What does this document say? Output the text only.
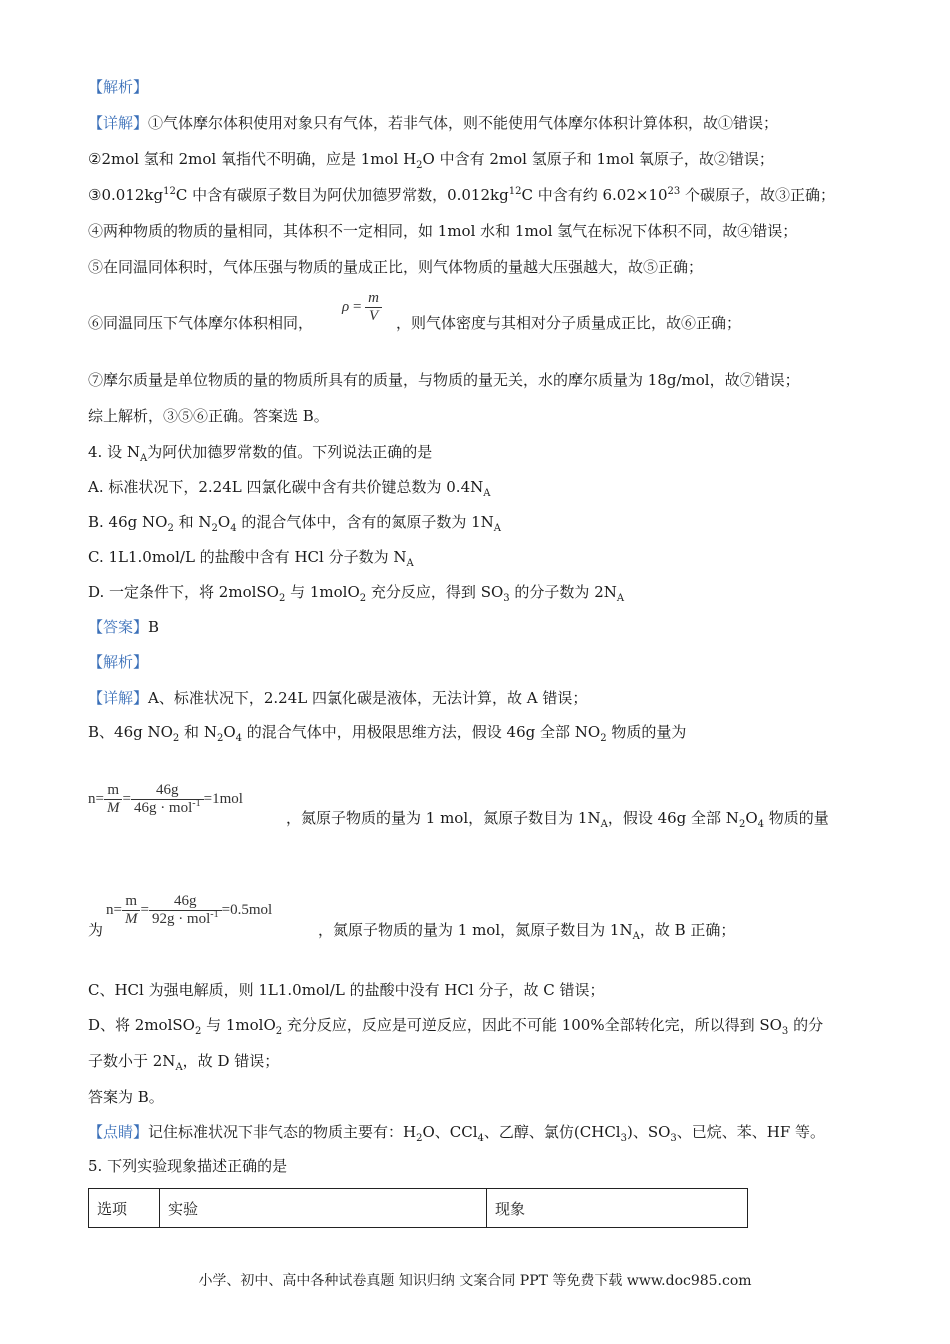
【解析】
【详解】①气体摩尔体积使用对象只有气体，若非气体，则不能使用气体摩尔体积计算体积，故①错误；
②2mol 氢和 2mol 氧指代不明确，应是 1mol $H_2O$ 中含有 2mol 氢原子和 1mol 氧原子，故②错误；
$③0.012kg^{12}C$ 中含有碳原子数目为阿伏加德罗常数，$0.012kg^{12}C$ 中含有约 $6.02\times 10^{23}$ 个碳原子，故③正确；
④两种物质的物质的量相同，其体积不一定相同，如 1mol 水和 1mol 氢气在标况下体积不同，故④错误；
⑤在同温同体积时，气体压强与物质的量成正比，则气体物质的量越大压强越大，故⑤正确；
⑥同温同压下气体摩尔体积相同，
$\rho = \frac{m}{V}$ ，则气体密度与其相对分子质量成正比，故⑥正确；
⑦摩尔质量是单位物质的量的物质所具有的质量，与物质的量无关，水的摩尔质量为 18g/mol，故⑦错误；
综上解析，③⑤⑥正确。答案选 B。
4. 设 $N_A$为阿伏加德罗常数的值。下列说法正确的是
A. 标准状况下，2.24L 四氯化碳中含有共价键总数为 $0.4N_A$
B. 46g $NO_2$ 和 $N_2O_4$ 的混合气体中，含有的氮原子数为 $1N_A$
C. 1L1.0mol/L 的盐酸中含有 HCl 分子数为 $N_A$
D. 一定条件下，将 2molSO$_2$ 与 1molO$_2$ 充分反应，得到 $SO_3$ 的分子数为 $2N_A$
【答案】B
【解析】
【详解】A、标准状况下，2.24L 四氯化碳是液体，无法计算，故 A 错误；
B、46g $NO_2$ 和 $N_2O_4$ 的混合气体中，用极限思维方法，假设 46g 全部 $NO_2$ 物质的量为
$n= \frac{m}{M} = \frac{46g}{46g \cdot mol^{-1}} =1mol$
，氮原子物质的量为 1 mol，氮原子数目为 $1N_A$，假设 46g 全部 $N_2O_4$ 物质的量
为
$n= \frac{m}{M} = \frac{46g}{92g \cdot mol^{-1}} =0.5mol$
，氮原子物质的量为 1 mol，氮原子数目为 $1N_A$，故 B 正确；
C、HCl 为强电解质，则 1L1.0mol/L 的盐酸中没有 HCl 分子，故 C 错误；
D、将 2molSO$_2$ 与 1molO$_2$ 充分反应，反应是可逆反应，因此不可能 100%全部转化完，所以得到 $SO_3$ 的分
子数小于 $2N_A$，故 D 错误；
答案为 B。
【点睛】记住标准状况下非气态的物质主要有：$H_2O$、CCl$_4$、乙醇、氯仿(CHCl$_3$)、$SO_3$、已烷、苯、HF 等。
5. 下列实验现象描述正确的是
选项	实验	现象
小学、初中、高中各种试卷真题 知识归纳 文案合同 PPT 等免费下载 www.doc985.com
